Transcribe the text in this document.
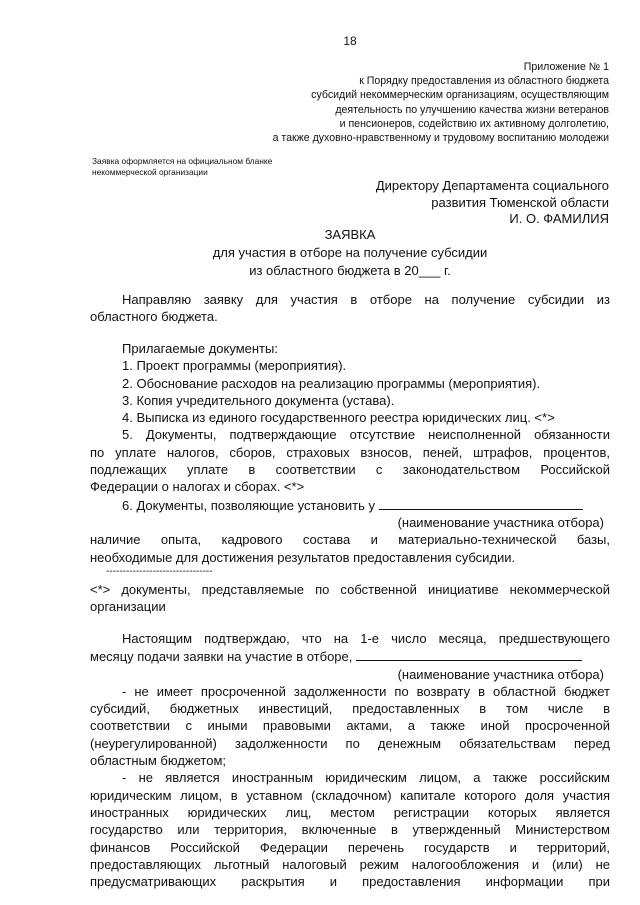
18
Приложение № 1
к Порядку предоставления из областного бюджета
субсидий некоммерческим организациям, осуществляющим
деятельность по улучшению качества жизни ветеранов
и пенсионеров, содействию их активному долголетию,
а также духовно-нравственному и трудовому воспитанию молодежи
Заявка оформляется на официальном бланке
некоммерческой организации
Директору Департамента социального
развития Тюменской области
И. О. ФАМИЛИЯ
ЗАЯВКА
для участия в отборе на получение субсидии
из областного бюджета в 20___ г.
Направляю заявку для участия в отборе на получение субсидии из
областного бюджета.
Прилагаемые документы:
1. Проект программы (мероприятия).
2. Обоснование расходов на реализацию программы (мероприятия).
3. Копия учредительного документа (устава).
4. Выписка из единого государственного реестра юридических лиц. <*>
5. Документы, подтверждающие отсутствие неисполненной обязанности
по уплате налогов, сборов, страховых взносов, пеней, штрафов, процентов,
подлежащих уплате в соответствии с законодательством Российской
Федерации о налогах и сборах. <*>
6. Документы, позволяющие установить у
(наименование участника отбора)
наличие опыта, кадрового состава и материально-технической базы,
необходимые для достижения результатов предоставления субсидии.
--------------------------------
<*> документы, представляемые по собственной инициативе некоммерческой
организации
Настоящим подтверждаю, что на 1-е число месяца, предшествующего
месяцу подачи заявки на участие в отборе,
(наименование участника отбора)
- не имеет просроченной задолженности по возврату в областной бюджет
субсидий, бюджетных инвестиций, предоставленных в том числе в
соответствии с иными правовыми актами, а также иной просроченной
(неурегулированной) задолженности по денежным обязательствам перед
областным бюджетом;
- не является иностранным юридическим лицом, а также российским
юридическим лицом, в уставном (складочном) капитале которого доля участия
иностранных юридических лиц, местом регистрации которых является
государство или территория, включенные в утвержденный Министерством
финансов Российской Федерации перечень государств и территорий,
предоставляющих льготный налоговый режим налогообложения и (или) не
предусматривающих раскрытия и предоставления информации при
